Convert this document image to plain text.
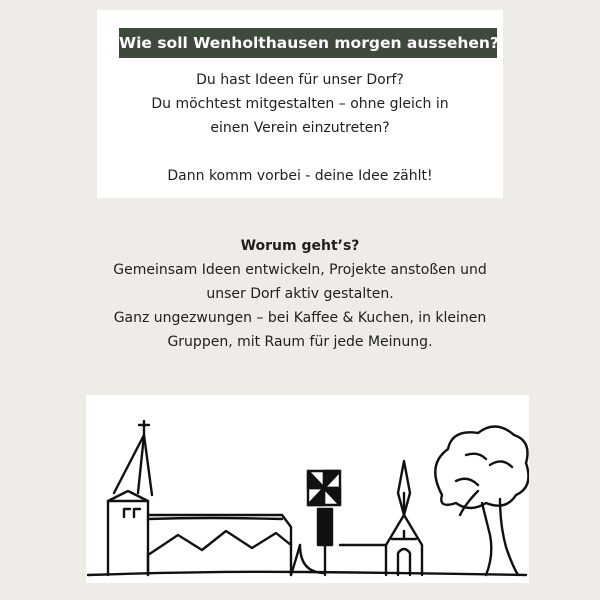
Wie soll Wenholthausen morgen aussehen?
Du hast Ideen für unser Dorf?
Du möchtest mitgestalten – ohne gleich in
einen Verein einzutreten?
Dann komm vorbei - deine Idee zählt!
Worum geht’s?
Gemeinsam Ideen entwickeln, Projekte anstoßen und
unser Dorf aktiv gestalten.
Ganz ungezwungen – bei Kaffee & Kuchen, in kleinen
Gruppen, mit Raum für jede Meinung.
